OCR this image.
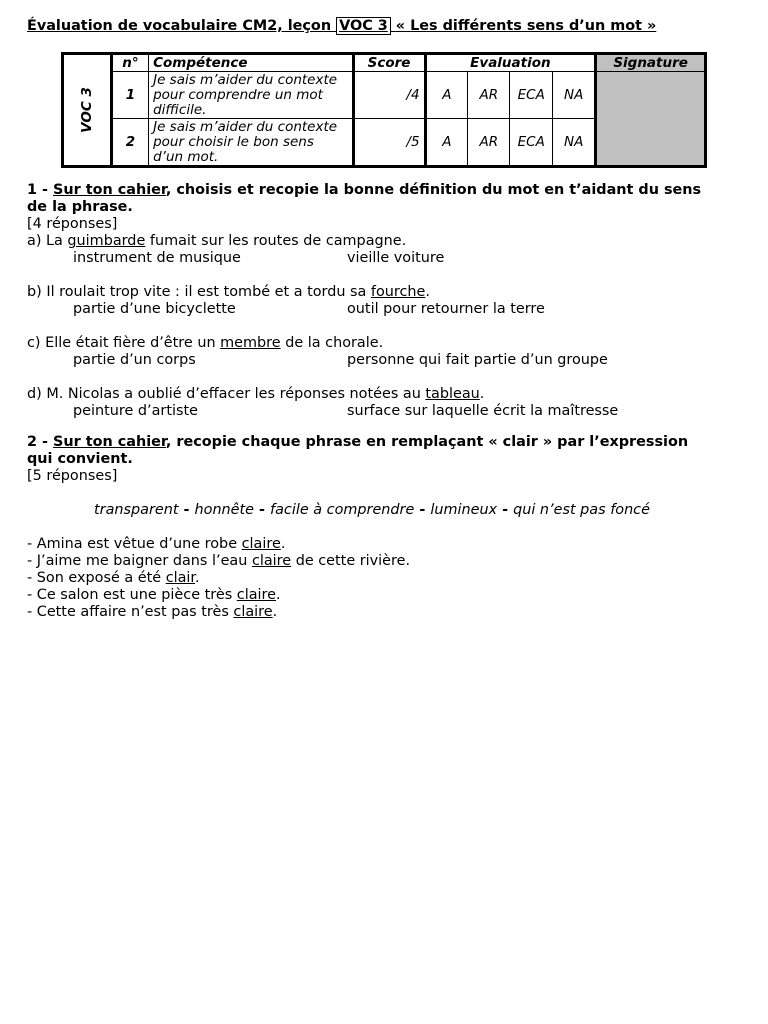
Évaluation de vocabulaire CM2, leçon VOC 3 « Les différents sens d’un mot »
VOC 3	n°	Compétence	Score	Evaluation				Signature
	1	Je sais m’aider du contexte pour comprendre un mot difficile.	/4	A	AR	ECA	NA	
	2	Je sais m’aider du contexte pour choisir le bon sens d’un mot.	/5	A	AR	ECA	NA	
1 - Sur ton cahier, choisis et recopie la bonne définition du mot en t’aidant du sens de la phrase.
[4 réponses]
a) La guimbarde fumait sur les routes de campagne.
instrument de musique	vieille voiture
b) Il roulait trop vite : il est tombé et a tordu sa fourche.
partie d’une bicyclette	outil pour retourner la terre
c) Elle était fière d’être un membre de la chorale.
partie d’un corps	personne qui fait partie d’un groupe
d) M. Nicolas a oublié d’effacer les réponses notées au tableau.
peinture d’artiste	surface sur laquelle écrit la maîtresse
2 - Sur ton cahier, recopie chaque phrase en remplaçant « clair » par l’expression qui convient.
[5 réponses]
transparent - honnête - facile à comprendre - lumineux - qui n’est pas foncé
- Amina est vêtue d’une robe claire.
- J’aime me baigner dans l’eau claire de cette rivière.
- Son exposé a été clair.
- Ce salon est une pièce très claire.
- Cette affaire n’est pas très claire.
